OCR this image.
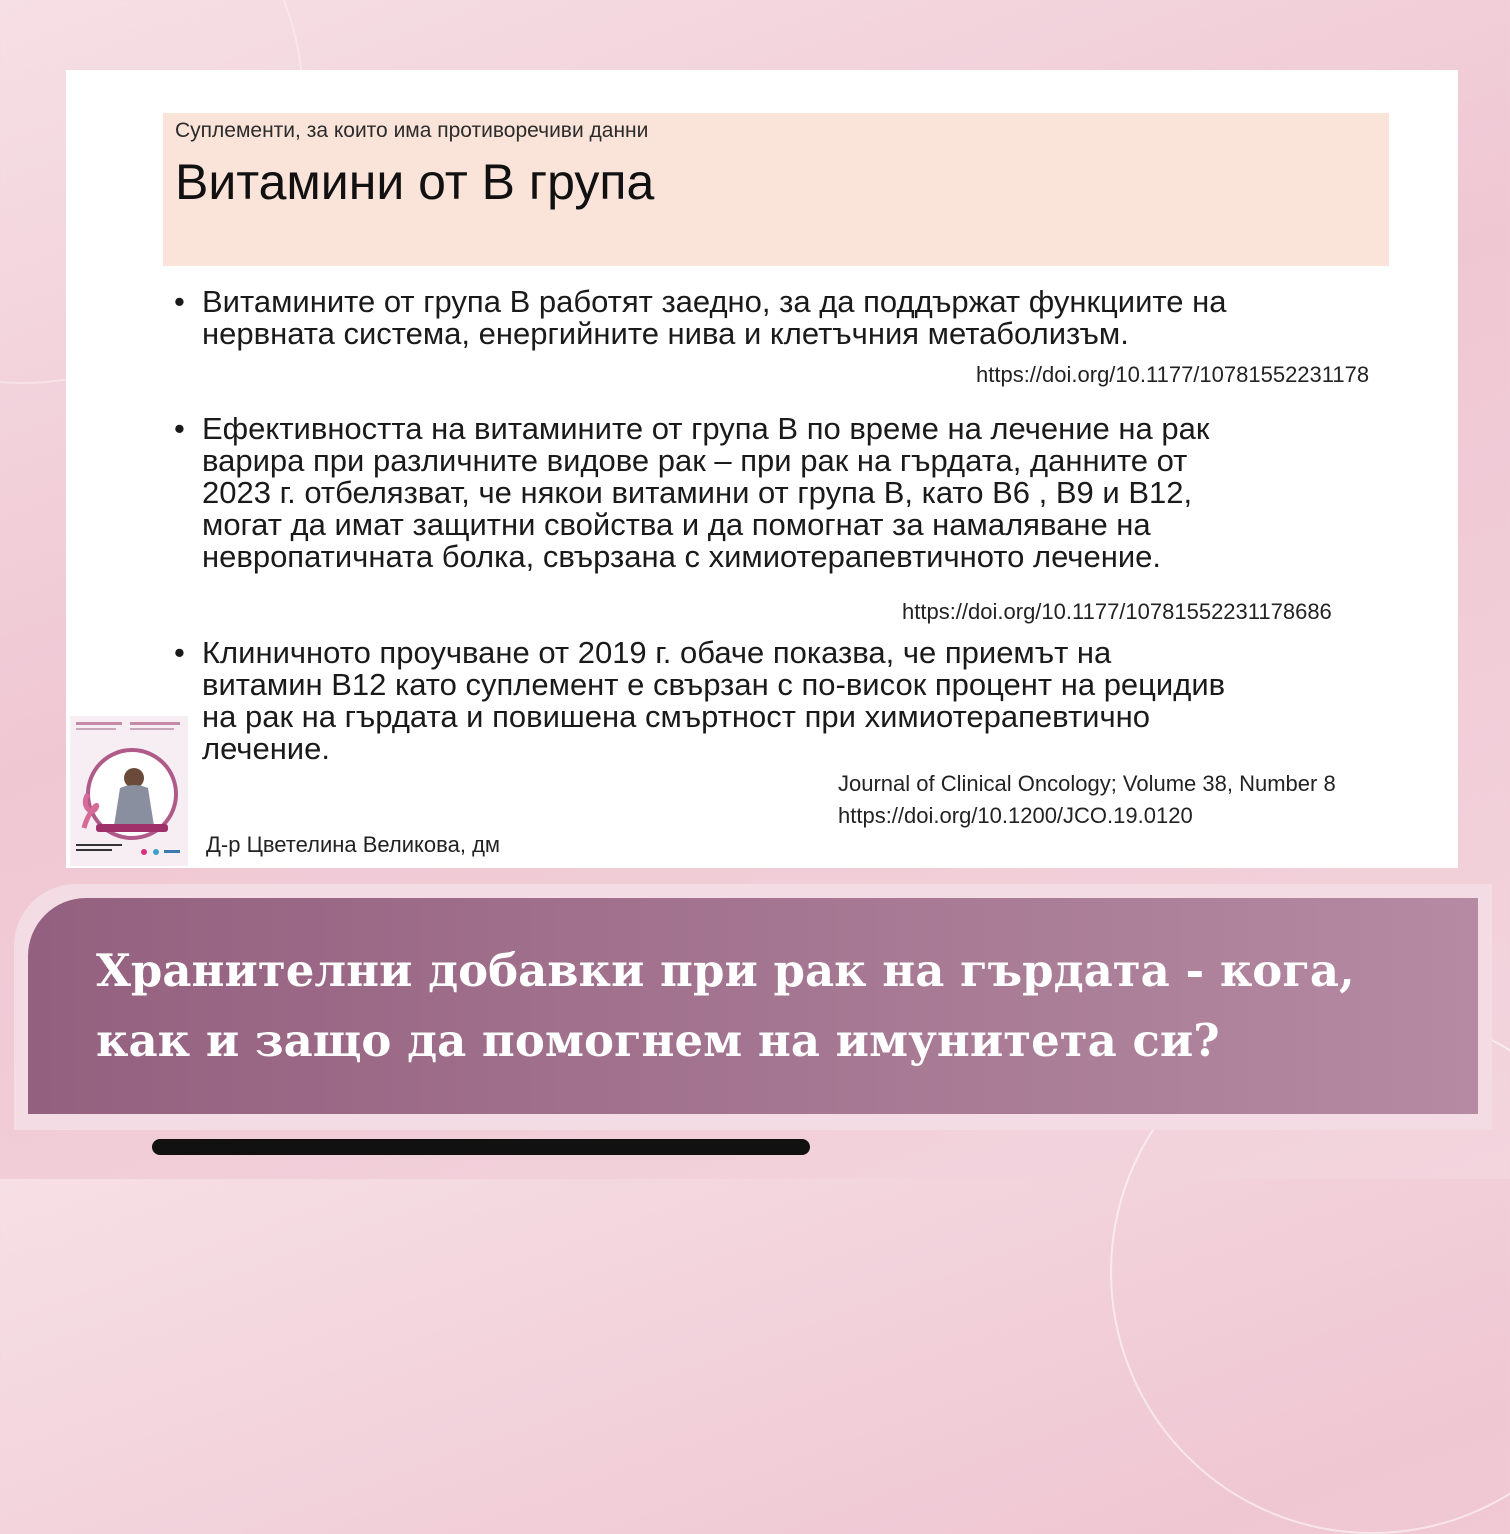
Суплементи, за които има противоречиви данни
Витамини от В група
• Витамините от група В работят заедно, за да поддържат функциите на
нервната система, енергийните нива и клетъчния метаболизъм.
https://doi.org/10.1177/10781552231178
• Ефективността на витамините от група В по време на лечение на рак
варира при различните видове рак – при рак на гърдата, данните от
2023 г. отбелязват, че някои витамини от група В, като В6 , В9 и В12,
могат да имат защитни свойства и да помогнат за намаляване на
невропатичната болка, свързана с химиотерапевтичното лечение.
https://doi.org/10.1177/10781552231178686
• Клиничното проучване от 2019 г. обаче показва, че приемът на
витамин В12 като суплемент е свързан с по-висок процент на рецидив
на рак на гърдата и повишена смъртност при химиотерапевтично
лечение.
Journal of Clinical Oncology; Volume 38, Number 8
https://doi.org/10.1200/JCO.19.0120
Д-р Цветелина Великова, дм
Хранителни добавки при рак на гърдата - кога,
как и защо да помогнем на имунитета си?
